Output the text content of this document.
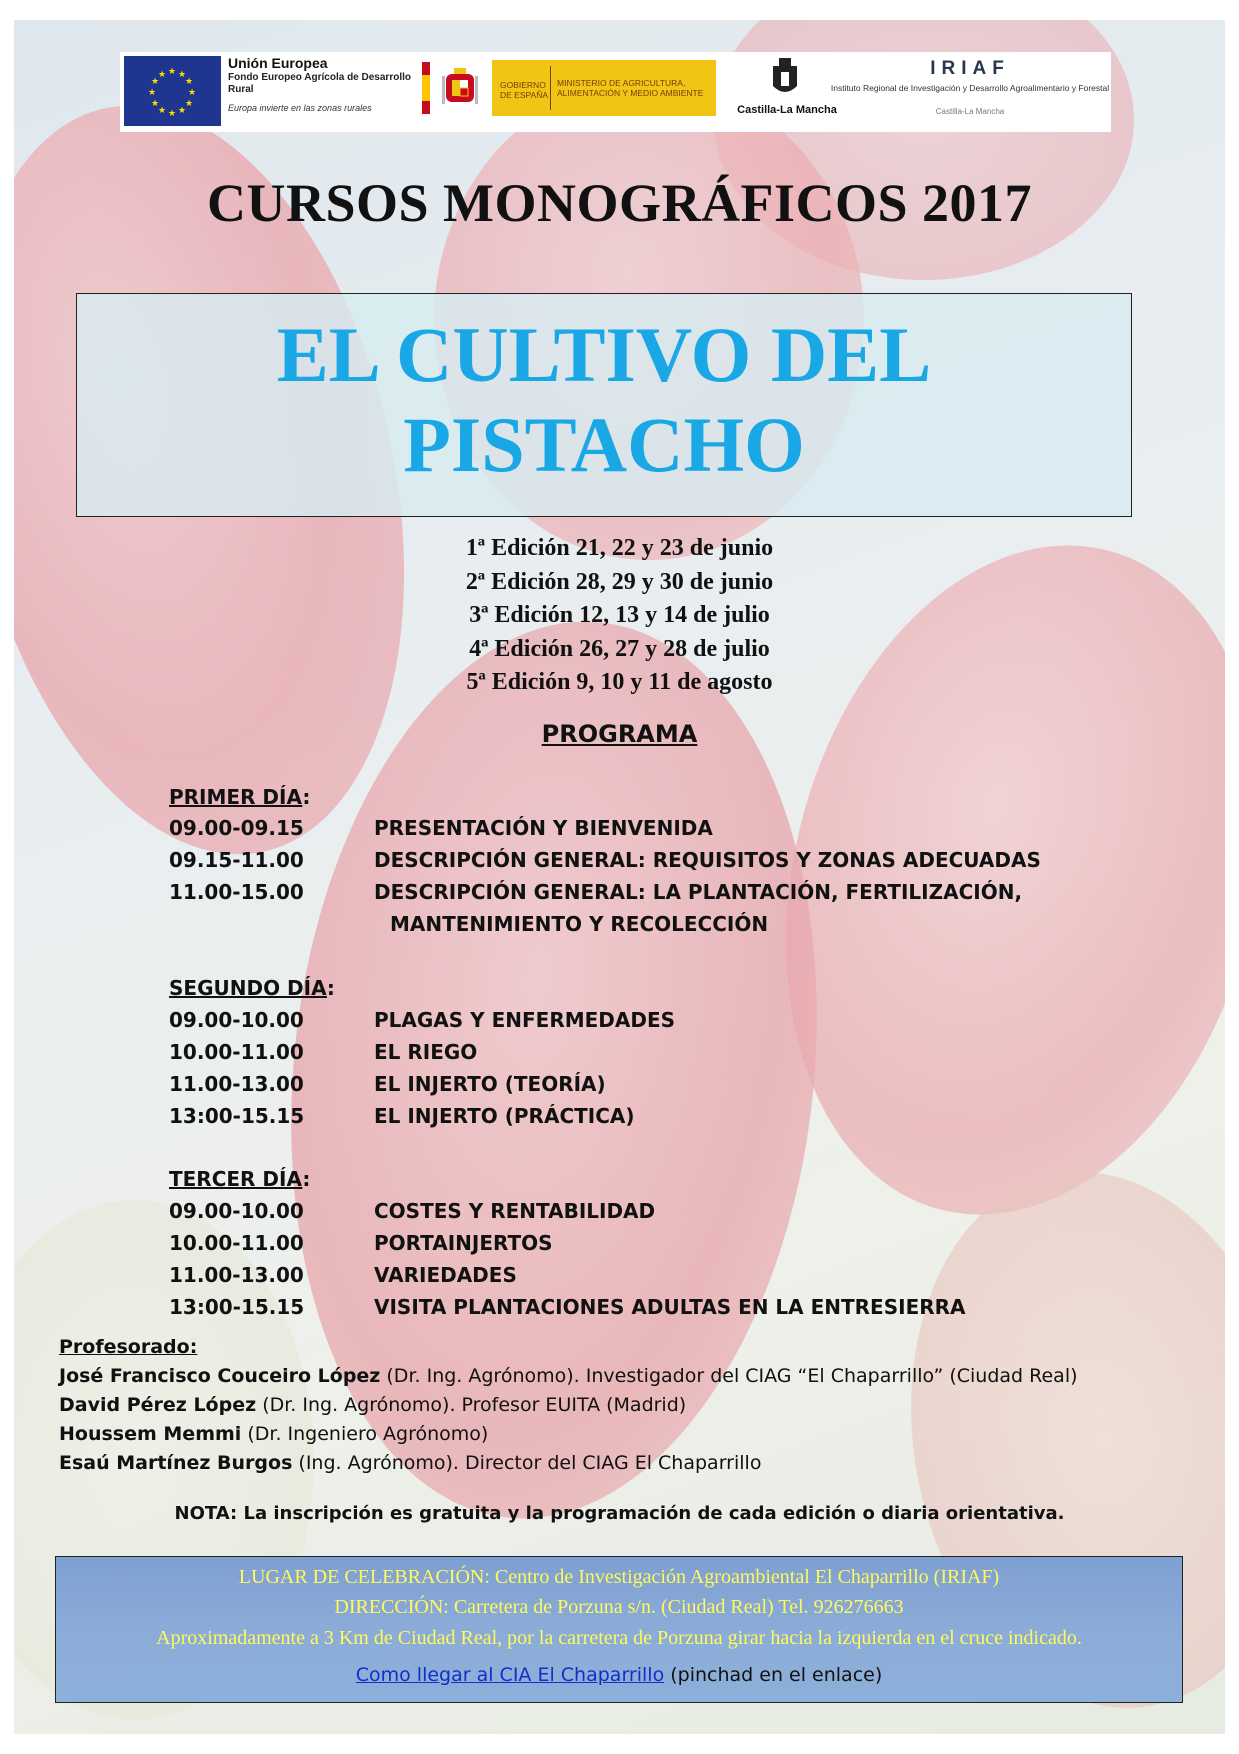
★ ★
★
★
★
★
★
★
★
★
★
★
Unión Europea
Fondo Europeo Agrícola de Desarrollo Rural
Europa invierte en las zonas rurales
GOBIERNO DE ESPAÑA
MINISTERIO DE AGRICULTURA, ALIMENTACIÓN Y MEDIO AMBIENTE
Castilla-La Mancha
IRIAF
Instituto Regional de Investigación y Desarrollo Agroalimentario y Forestal
Castilla-La Mancha
CURSOS MONOGRÁFICOS 2017
EL CULTIVO DEL
PISTACHO
1ª Edición 21, 22 y 23 de junio
2ª Edición 28, 29 y 30 de junio
3ª Edición 12, 13 y 14 de julio
4ª Edición 26, 27 y 28 de julio
5ª Edición 9, 10 y 11 de agosto
PROGRAMA
PRIMER DÍA:
09.00-09.15	PRESENTACIÓN Y BIENVENIDA
09.15-11.00	DESCRIPCIÓN GENERAL: REQUISITOS Y ZONAS ADECUADAS
11.00-15.00	DESCRIPCIÓN GENERAL: LA PLANTACIÓN, FERTILIZACIÓN,
MANTENIMIENTO Y RECOLECCIÓN
SEGUNDO DÍA:
09.00-10.00	PLAGAS Y ENFERMEDADES
10.00-11.00	EL RIEGO
11.00-13.00	EL INJERTO (TEORÍA)
13:00-15.15	EL INJERTO (PRÁCTICA)
TERCER DÍA:
09.00-10.00	COSTES Y RENTABILIDAD
10.00-11.00	PORTAINJERTOS
11.00-13.00	VARIEDADES
13:00-15.15	VISITA PLANTACIONES ADULTAS EN LA ENTRESIERRA
Profesorado:
José Francisco Couceiro López (Dr. Ing. Agrónomo). Investigador del CIAG “El Chaparrillo” (Ciudad Real)
David Pérez López (Dr. Ing. Agrónomo). Profesor EUITA (Madrid)
Houssem Memmi (Dr. Ingeniero Agrónomo)
Esaú Martínez Burgos (Ing. Agrónomo). Director del CIAG El Chaparrillo
NOTA: La inscripción es gratuita y la programación de cada edición o diaria orientativa.
LUGAR DE CELEBRACIÓN: Centro de Investigación Agroambiental El Chaparrillo (IRIAF)
DIRECCIÓN: Carretera de Porzuna s/n. (Ciudad Real) Tel. 926276663
Aproximadamente a 3 Km de Ciudad Real, por la carretera de Porzuna girar hacia la izquierda en el cruce indicado.
Como llegar al CIA El Chaparrillo (pinchad en el enlace)
